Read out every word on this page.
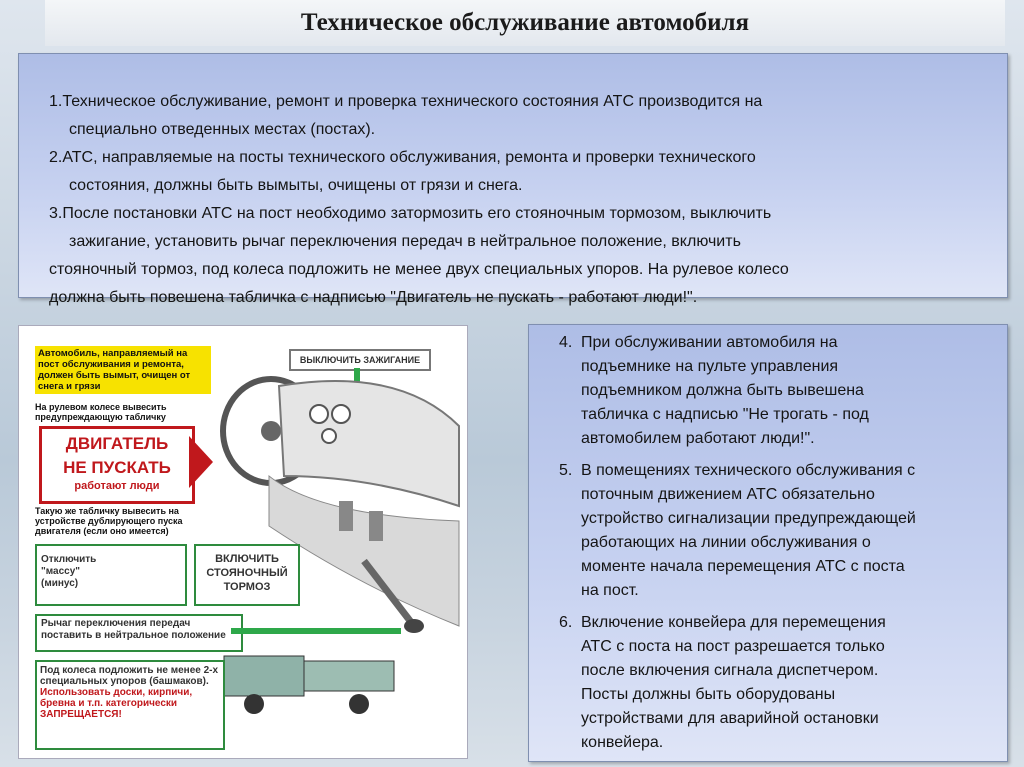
Техническое обслуживание автомобиля

1.Техническое обслуживание, ремонт и проверка технического состояния АТС производится на

специально отведенных местах (постах).

2.АТС, направляемые на посты технического обслуживания, ремонта и проверки технического

состояния, должны быть вымыты, очищены от грязи и снега.

3.После постановки АТС на пост необходимо затормозить его стояночным тормозом, выключить

зажигание, установить рычаг переключения передач в нейтральное положение, включить

стояночный тормоз, под колеса подложить не менее двух специальных упоров. На рулевое колесо

должна быть повешена табличка с надписью "Двигатель не пускать - работают люди!".

Автомобиль, направляемый на пост обслуживания и ремонта, должен быть вымыт, очищен от снега и грязи
На рулевом колесе вывесить предупреждающую табличку
ДВИГАТЕЛЬ
НЕ ПУСКАТЬ
работают люди
Такую же табличку вывесить на устройстве дублирующего пуска двигателя (если оно имеется)
ВЫКЛЮЧИТЬ ЗАЖИГАНИЕ
Отключить "массу" (минус)
ВКЛЮЧИТЬ СТОЯНОЧНЫЙ ТОРМОЗ
Рычаг переключения передач поставить в нейтральное положение
Под колеса подложить не менее 2-х специальных упоров (башмаков). Использовать доски, кирпичи, бревна и т.п. категорически ЗАПРЕЩАЕТСЯ!
4. При обслуживании автомобиля на
подъемнике на пульте управления
подъемником должна быть вывешена
табличка с надписью "Не трогать - под
автомобилем работают люди!".
5. В помещениях технического обслуживания с
поточным движением АТС обязательно
устройство сигнализации предупреждающей
работающих на линии обслуживания о
моменте начала перемещения АТС с поста
на пост.
6. Включение конвейера для перемещения
АТС с поста на пост разрешается только
после включения сигнала диспетчером.
Посты должны быть оборудованы
устройствами для аварийной остановки
конвейера.
